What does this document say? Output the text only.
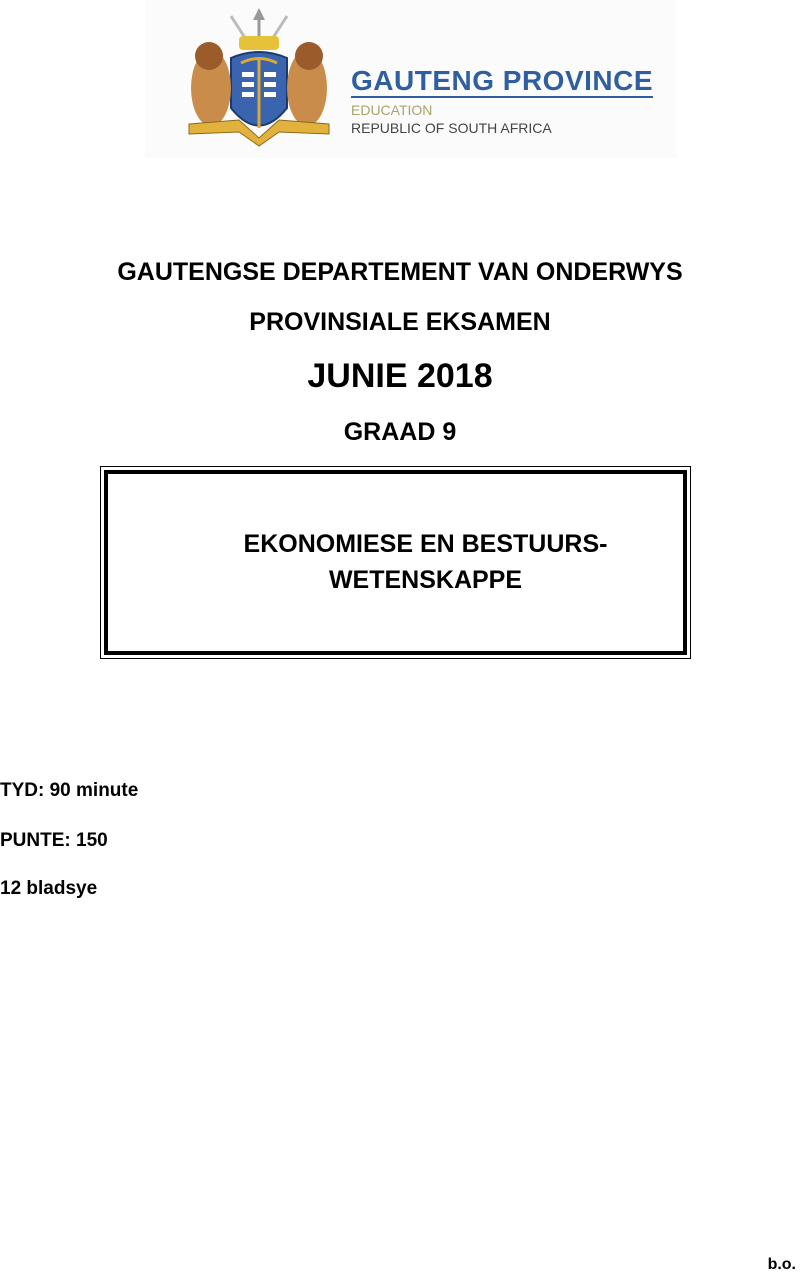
GAUTENG PROVINCE
EDUCATION
REPUBLIC OF SOUTH AFRICA
GAUTENGSE DEPARTEMENT VAN ONDERWYS
PROVINSIALE EKSAMEN
JUNIE 2018
GRAAD 9
EKONOMIESE EN BESTUURS-
WETENSKAPPE
TYD: 90 minute
PUNTE: 150
12 bladsye
b.o.
